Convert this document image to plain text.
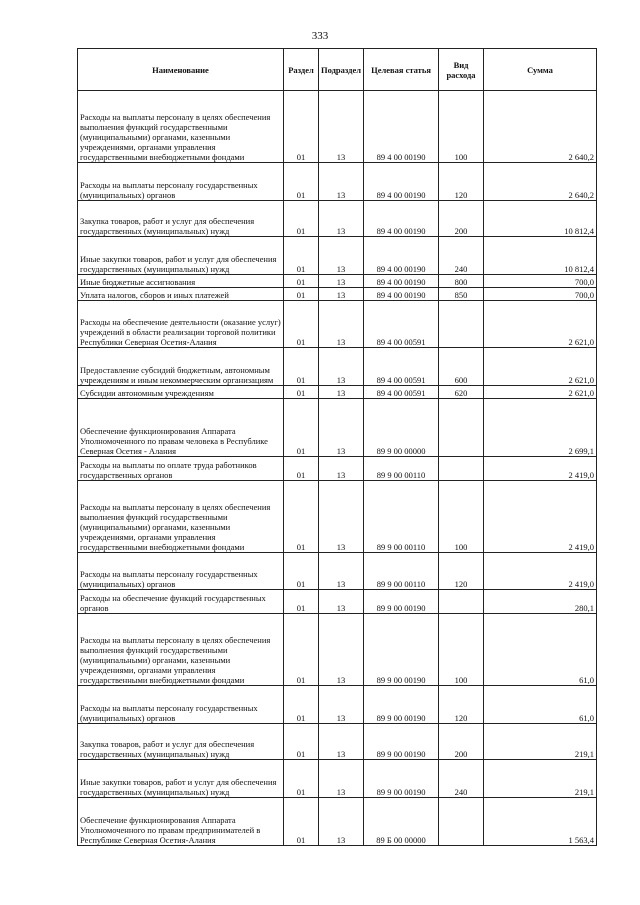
333
Наименование	Раздел	Подраздел	Целевая статья	Вид расхода	Сумма
Расходы на выплаты персоналу в целях обеспечения выполнения функций государственными (муниципальными) органами, казенными учреждениями, органами управления государственными внебюджетными фондами	01	13	89 4 00 00190	100	2 640,2
Расходы на выплаты персоналу государственных (муниципальных) органов	01	13	89 4 00 00190	120	2 640,2
Закупка товаров, работ и услуг для обеспечения государственных (муниципальных) нужд	01	13	89 4 00 00190	200	10 812,4
Иные закупки товаров, работ и услуг для обеспечения государственных (муниципальных) нужд	01	13	89 4 00 00190	240	10 812,4
Иные бюджетные ассигнования	01	13	89 4 00 00190	800	700,0
Уплата налогов, сборов и иных платежей	01	13	89 4 00 00190	850	700,0
Расходы на обеспечение деятельности (оказание услуг) учреждений в области реализации торговой политики Республики Северная Осетия-Алания	01	13	89 4 00 00591		2 621,0
Предоставление субсидий бюджетным, автономным учреждениям и иным некоммерческим организациям	01	13	89 4 00 00591	600	2 621,0
Субсидии автономным учреждениям	01	13	89 4 00 00591	620	2 621,0
Обеспечение функционирования Аппарата Уполномоченного по правам человека в Республике Северная Осетия - Алания	01	13	89 9 00 00000		2 699,1
Расходы на выплаты по оплате труда работников государственных органов	01	13	89 9 00 00110		2 419,0
Расходы на выплаты персоналу в целях обеспечения выполнения функций государственными (муниципальными) органами, казенными учреждениями, органами управления государственными внебюджетными фондами	01	13	89 9 00 00110	100	2 419,0
Расходы на выплаты персоналу государственных (муниципальных) органов	01	13	89 9 00 00110	120	2 419,0
Расходы на обеспечение функций государственных органов	01	13	89 9 00 00190		280,1
Расходы на выплаты персоналу в целях обеспечения выполнения функций государственными (муниципальными) органами, казенными учреждениями, органами управления государственными внебюджетными фондами	01	13	89 9 00 00190	100	61,0
Расходы на выплаты персоналу государственных (муниципальных) органов	01	13	89 9 00 00190	120	61,0
Закупка товаров, работ и услуг для обеспечения государственных (муниципальных) нужд	01	13	89 9 00 00190	200	219,1
Иные закупки товаров, работ и услуг для обеспечения государственных (муниципальных) нужд	01	13	89 9 00 00190	240	219,1
Обеспечение функционирования Аппарата Уполномоченного по правам предпринимателей в Республике Северная Осетия-Алания	01	13	89 Б 00 00000		1 563,4
